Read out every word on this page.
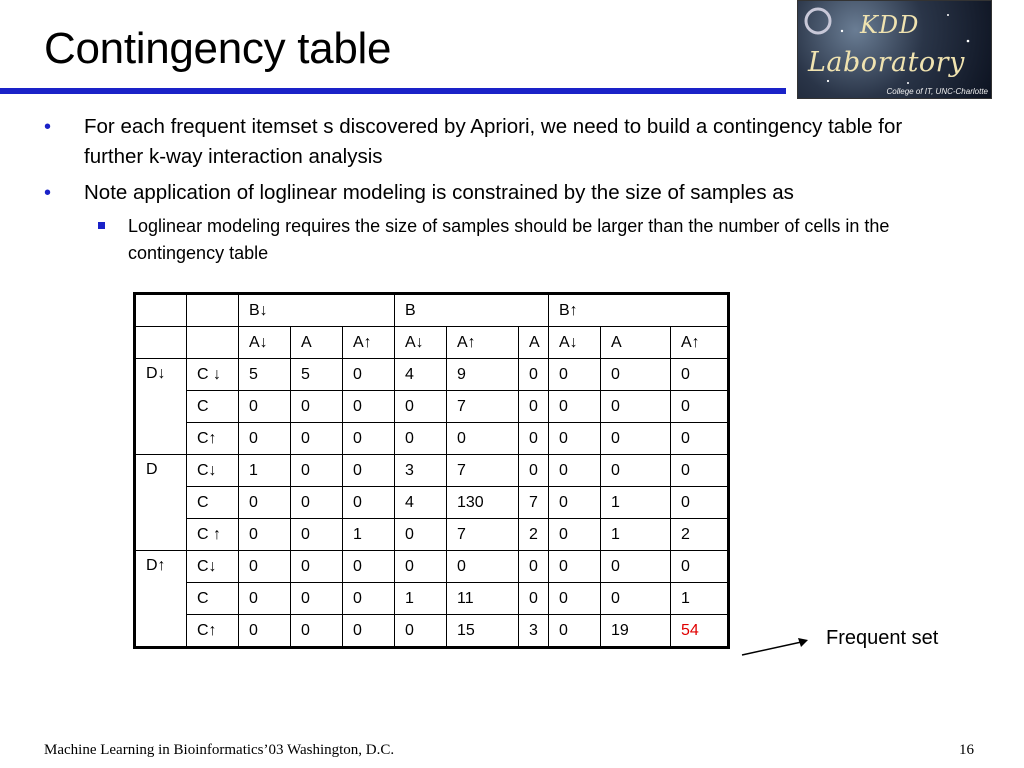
Contingency table	KDD
Laboratory
College of IT, UNC-Charlotte
• For each frequent itemset s discovered by Apriori, we need to build a contingency table for further k-way interaction analysis
• Note application of loglinear modeling is constrained by the size of samples as
Loglinear modeling requires the size of samples should be larger than the number of cells in the contingency table
		B↓			B			B↑		
		A↓	A	A↑	A↓	A↑	A	A↓	A	A↑
D↓	C ↓	5	5	0	4	9	0	0	0	0
	C	0	0	0	0	7	0	0	0	0
	C↑	0	0	0	0	0	0	0	0	0
D	C↓	1	0	0	3	7	0	0	0	0
	C	0	0	0	4	130	7	0	1	0
	C ↑	0	0	1	0	7	2	0	1	2
D↑	C↓	0	0	0	0	0	0	0	0	0
	C	0	0	0	1	11	0	0	0	1
	C↑	0	0	0	0	15	3	0	19	54	Frequent set
Machine Learning in Bioinformatics’03 Washington, D.C.	16
